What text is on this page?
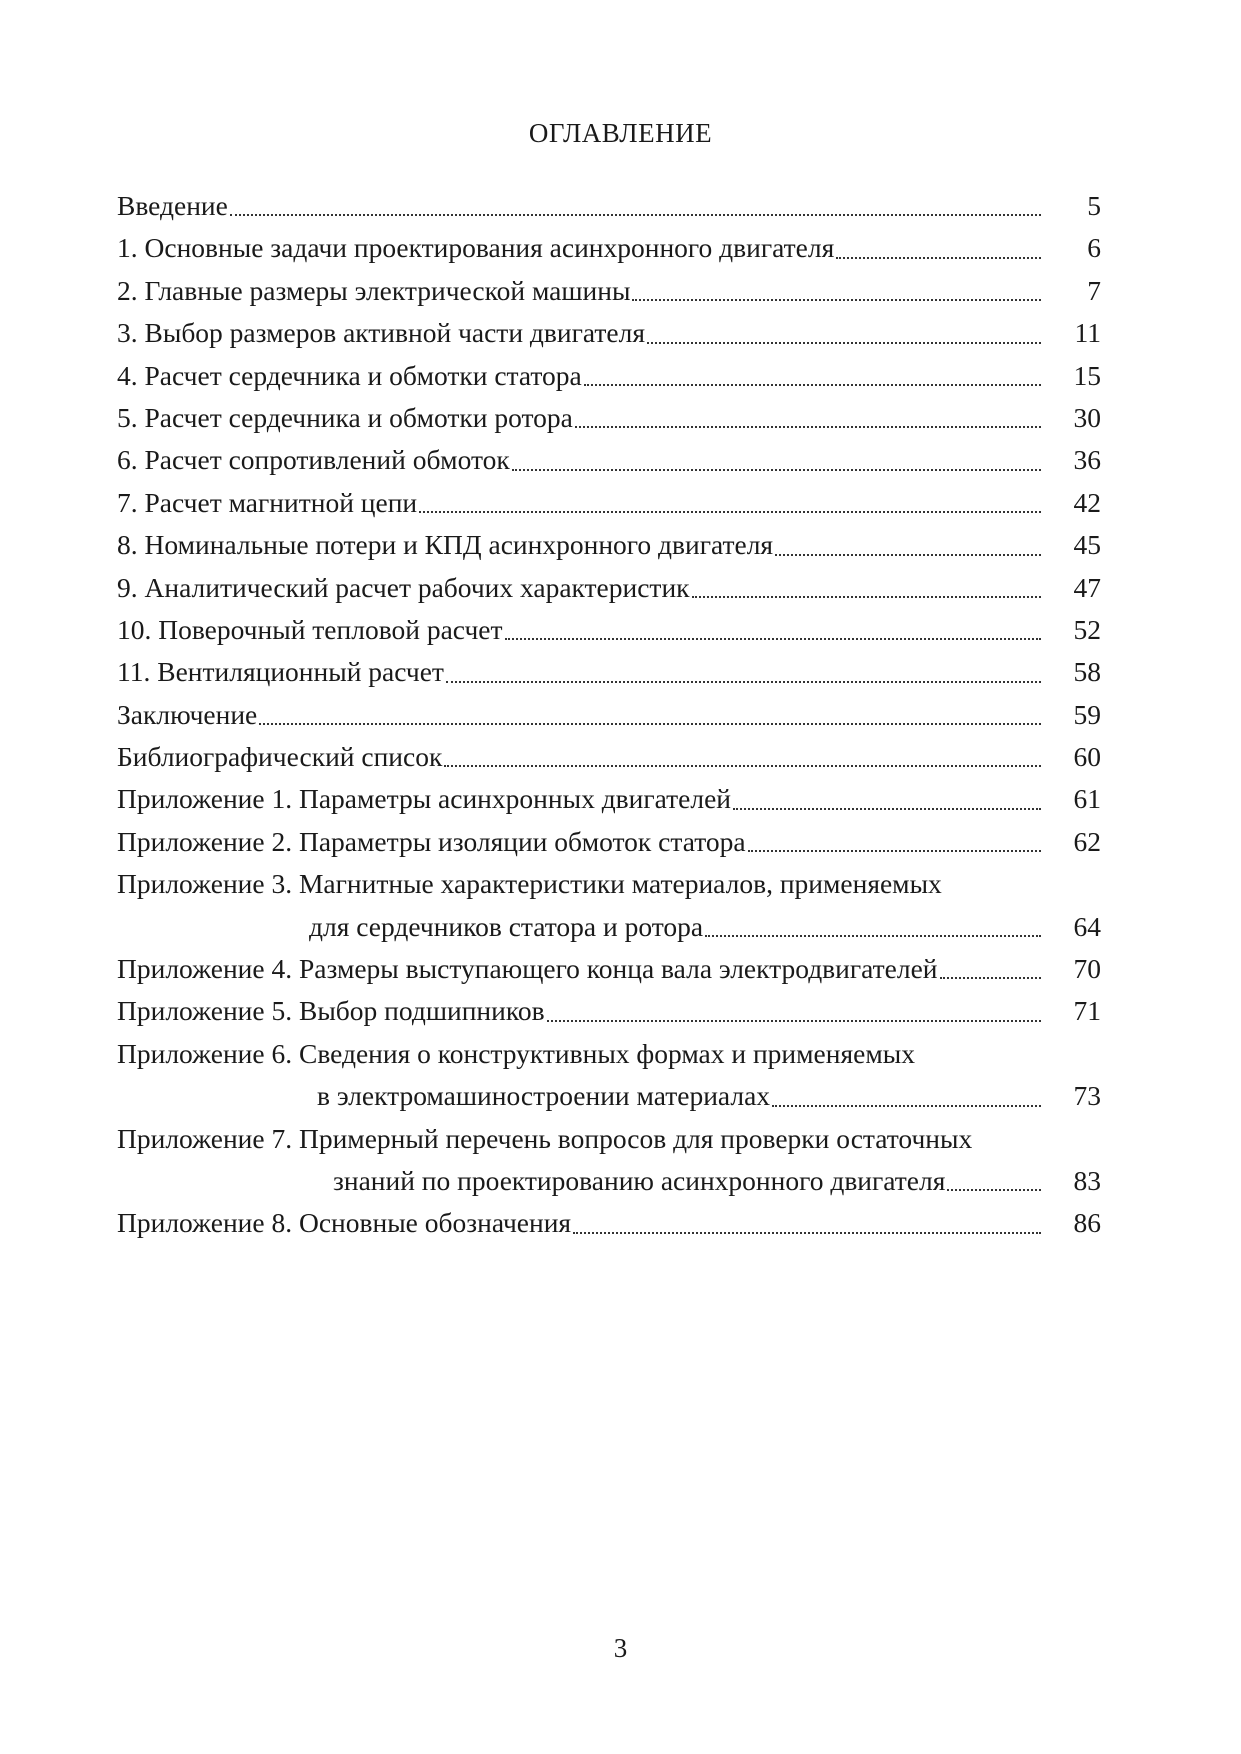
ОГЛАВЛЕНИЕ
Введение	5
1. Основные задачи проектирования асинхронного двигателя	6
2. Главные размеры электрической машины	7
3. Выбор размеров активной части двигателя	11
4. Расчет сердечника и обмотки статора	15
5. Расчет сердечника и обмотки ротора	30
6. Расчет сопротивлений обмоток	36
7. Расчет магнитной цепи	42
8. Номинальные потери и КПД асинхронного двигателя	45
9. Аналитический расчет рабочих характеристик	47
10. Поверочный тепловой расчет	52
11. Вентиляционный расчет	58
Заключение	59
Библиографический список	60
Приложение 1. Параметры асинхронных двигателей	61
Приложение 2. Параметры изоляции обмоток статора	62
Приложение 3. Магнитные характеристики материалов, применяемых
для сердечников статора и ротора	64
Приложение 4. Размеры выступающего конца вала электродвигателей	70
Приложение 5. Выбор подшипников	71
Приложение 6. Сведения о конструктивных формах и применяемых
в электромашиностроении материалах	73
Приложение 7. Примерный перечень вопросов для проверки остаточных
знаний по проектированию асинхронного двигателя	83
Приложение 8. Основные обозначения	86
3
